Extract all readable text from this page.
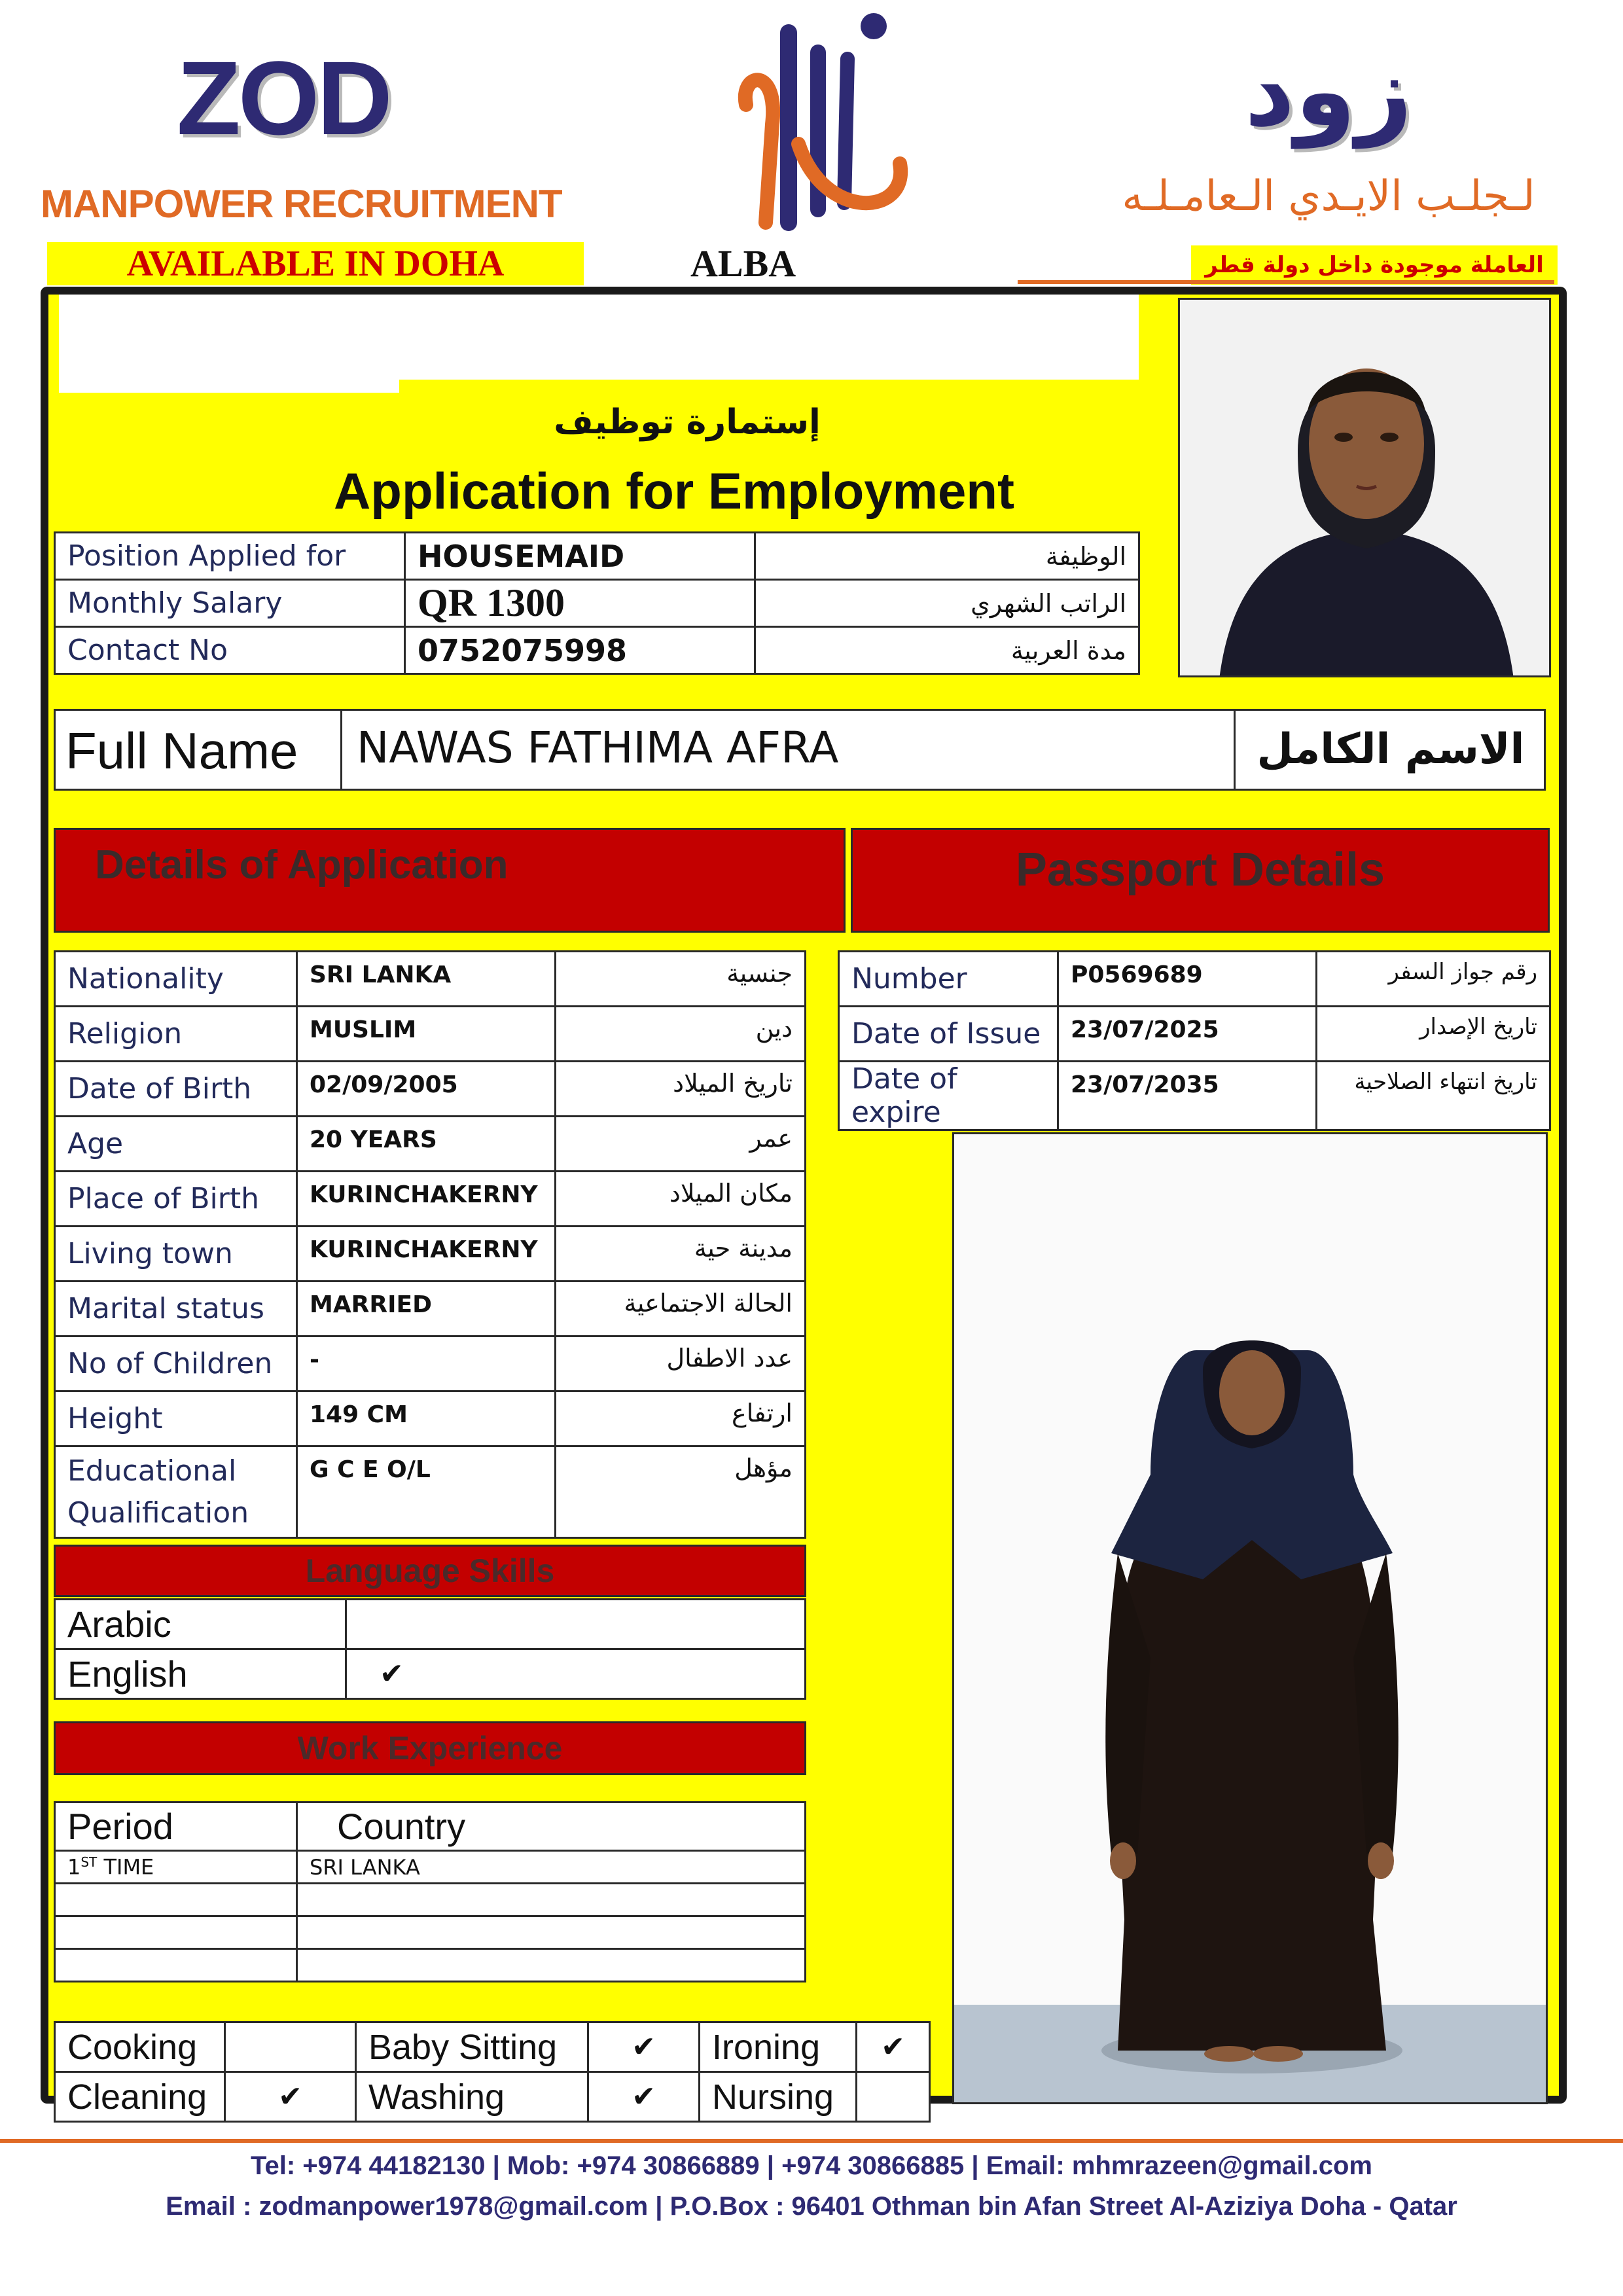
ZOD
MANPOWER RECRUITMENT
AVAILABLE IN DOHA	ALBA
زود
لـجلـب الايـدي الـعامـلـه
العاملة موجودة داخل دولة قطر
إستمارة توظيف
Application for Employment
Position Applied for	HOUSEMAID	الوظيفة
Monthly Salary	QR 1300	الراتب الشهري
Contact No	0752075998	مدة العربية
Full Name	NAWAS FATHIMA AFRA	الاسم الكامل
Details of Application	Passport Details
Nationality	SRI LANKA	جنسية
Religion	MUSLIM	دين
Date of Birth	02/09/2005	تاريخ الميلاد
Age	20 YEARS	عمر
Place of Birth	KURINCHAKERNY	مكان الميلاد
Living town	KURINCHAKERNY	مدينة حية
Marital status	MARRIED	الحالة الاجتماعية
No of Children	-	عدد الاطفال
Height	149 CM	ارتفاع

Educational
Qualification	G C E O/L	مؤهل
Number	P0569689	رقم جواز السفر
Date of Issue	23/07/2025	تاريخ الإصدار
Date of expire	23/07/2035	تاريخ انتهاء الصلاحية
Language Skills
Arabic	
English	✔
Work Experience
Period	Country
1ST TIME	SRI LANKA

Cooking		Baby Sitting	✔	Ironing	✔
Cleaning	✔	Washing	✔	Nursing	
Tel: +974 44182130 | Mob: +974 30866889 | +974 30866885 | Email: mhmrazeen@gmail.com
Email : zodmanpower1978@gmail.com | P.O.Box : 96401 Othman bin Afan Street Al-Aziziya Doha - Qatar
